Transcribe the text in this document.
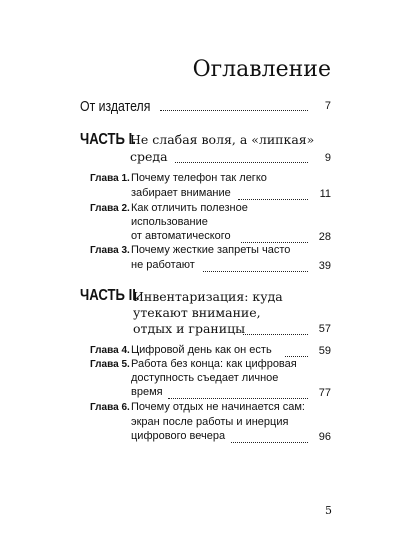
Оглавление
От издателя	7
ЧАСТЬ I.
Не слабая воля, а «липкая»
среда	9
Глава 1. Почему телефон так легко
забирает внимание	11
Глава 2. Как отличить полезное
использование
от автоматического	28
Глава 3. Почему жесткие запреты часто
не работают	39
ЧАСТЬ II.
Инвентаризация: куда
утекают внимание,
отдых и границы	57
Глава 4. Цифровой день как он есть	59
Глава 5. Работа без конца: как цифровая
доступность съедает личное
время	77
Глава 6. Почему отдых не начинается сам:
экран после работы и инерция
цифрового вечера	96
5
